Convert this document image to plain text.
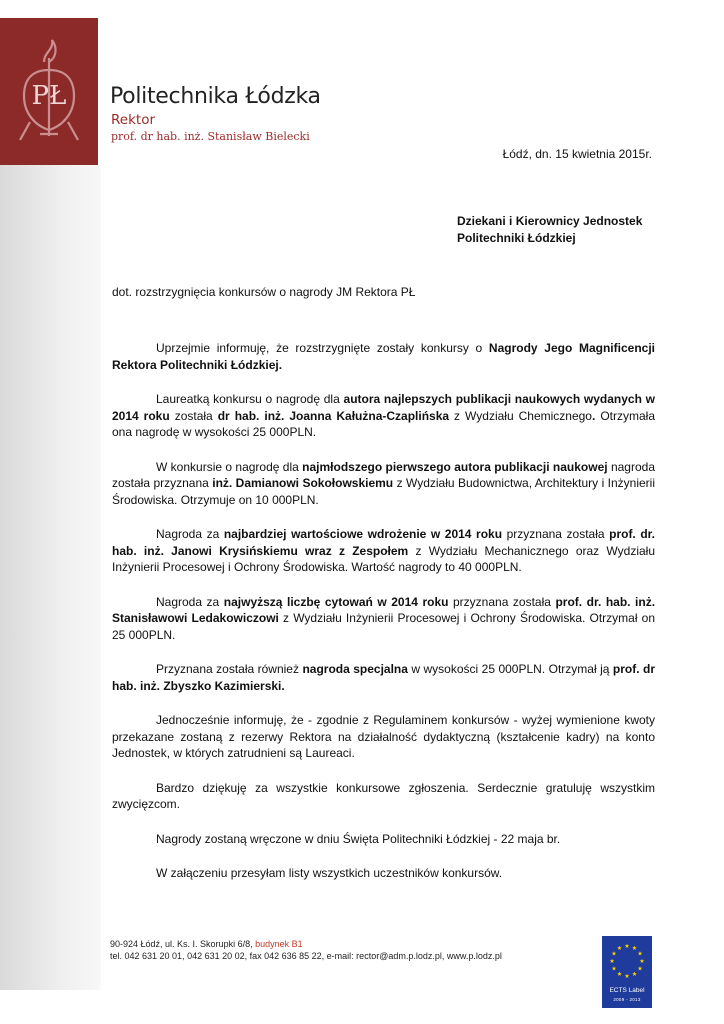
PŁ Politechnika Łódzka
Rektor
prof. dr hab. inż. Stanisław Bielecki
Łódź, dn. 15 kwietnia 2015r.
Dziekani i Kierownicy Jednostek
Politechniki Łódzkiej
dot. rozstrzygnięcia konkursów o nagrody JM Rektora PŁ

Uprzejmie informuję, że rozstrzygnięte zostały konkursy o Nagrody Jego Magnificencji Rektora Politechniki Łódzkiej.

Laureatką konkursu o nagrodę dla autora najlepszych publikacji naukowych wydanych w 2014 roku została dr hab. inż. Joanna Kałużna-Czaplińska z Wydziału Chemicznego. Otrzymała ona nagrodę w wysokości 25 000PLN.

W konkursie o nagrodę dla najmłodszego pierwszego autora publikacji naukowej nagroda została przyznana inż. Damianowi Sokołowskiemu z Wydziału Budownictwa, Architektury i Inżynierii Środowiska. Otrzymuje on 10 000PLN.

Nagroda za najbardziej wartościowe wdrożenie w 2014 roku przyznana została prof. dr. hab. inż. Janowi Krysińskiemu wraz z Zespołem z Wydziału Mechanicznego oraz Wydziału Inżynierii Procesowej i Ochrony Środowiska. Wartość nagrody to 40 000PLN.

Nagroda za najwyższą liczbę cytowań w 2014 roku przyznana została prof. dr. hab. inż. Stanisławowi Ledakowiczowi z Wydziału Inżynierii Procesowej i Ochrony Środowiska. Otrzymał on 25 000PLN.

Przyznana została również nagroda specjalna w wysokości 25 000PLN. Otrzymał ją prof. dr hab. inż. Zbyszko Kazimierski.

Jednocześnie informuję, że - zgodnie z Regulaminem konkursów - wyżej wymienione kwoty przekazane zostaną z rezerwy Rektora na działalność dydaktyczną (kształcenie kadry) na konto Jednostek, w których zatrudnieni są Laureaci.

Bardzo dziękuję za wszystkie konkursowe zgłoszenia. Serdecznie gratuluję wszystkim zwycięzcom.

Nagrody zostaną wręczone w dniu Święta Politechniki Łódzkiej - 22 maja br.

W załączeniu przesyłam listy wszystkich uczestników konkursów.

90-924 Łódź, ul. Ks. I. Skorupki 6/8, budynek B1
tel. 042 631 20 01, 042 631 20 02, fax 042 636 85 22, e-mail: rector@adm.p.lodz.pl, www.p.lodz.pl
ECTS Label
2009 - 2013
